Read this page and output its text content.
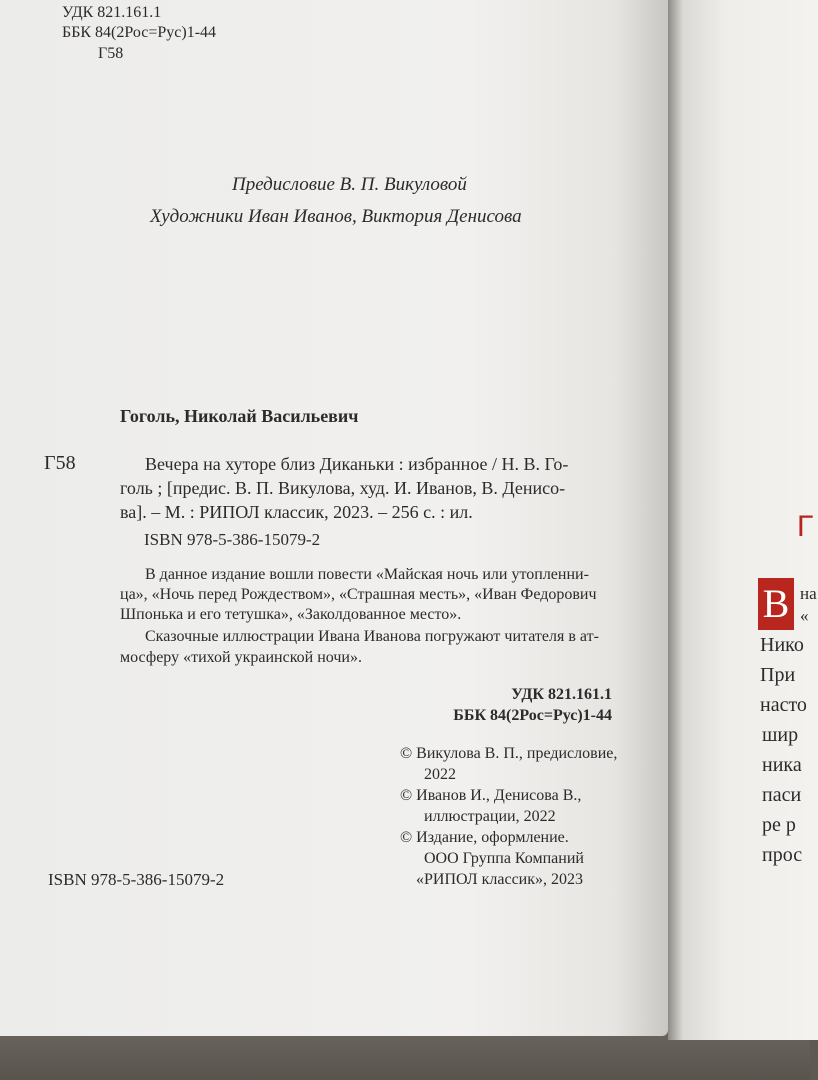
Г
В на
«
Нико
При
насто
шир
ника
паси
ре р
прос
УДК 821.161.1
ББК 84(2Рос=Рус)1-44
Г58
Предисловие В. П. Викуловой
Художники Иван Иванов, Виктория Денисова
Гоголь, Николай Васильевич
Г58	Вечера на хуторе близ Диканьки : избранное / Н. В. Го-
голь ; [предис. В. П. Викулова, худ. И. Иванов, В. Денисо-
ва]. – М. : РИПОЛ классик, 2023. – 256 с. : ил.
ISBN 978-5-386-15079-2
В данное издание вошли повести «Майская ночь или утопленни-
ца», «Ночь перед Рождеством», «Страшная месть», «Иван Федорович
Шпонька и его тетушка», «Заколдованное место».
Сказочные иллюстрации Ивана Иванова погружают читателя в ат-
мосферу «тихой украинской ночи».
УДК 821.161.1
ББК 84(2Рос=Рус)1-44
© Викулова В. П., предисловие,
2022
© Иванов И., Денисова В.,
иллюстрации, 2022
© Издание, оформление.
ООО Группа Компаний
«РИПОЛ классик», 2023
ISBN 978-5-386-15079-2
